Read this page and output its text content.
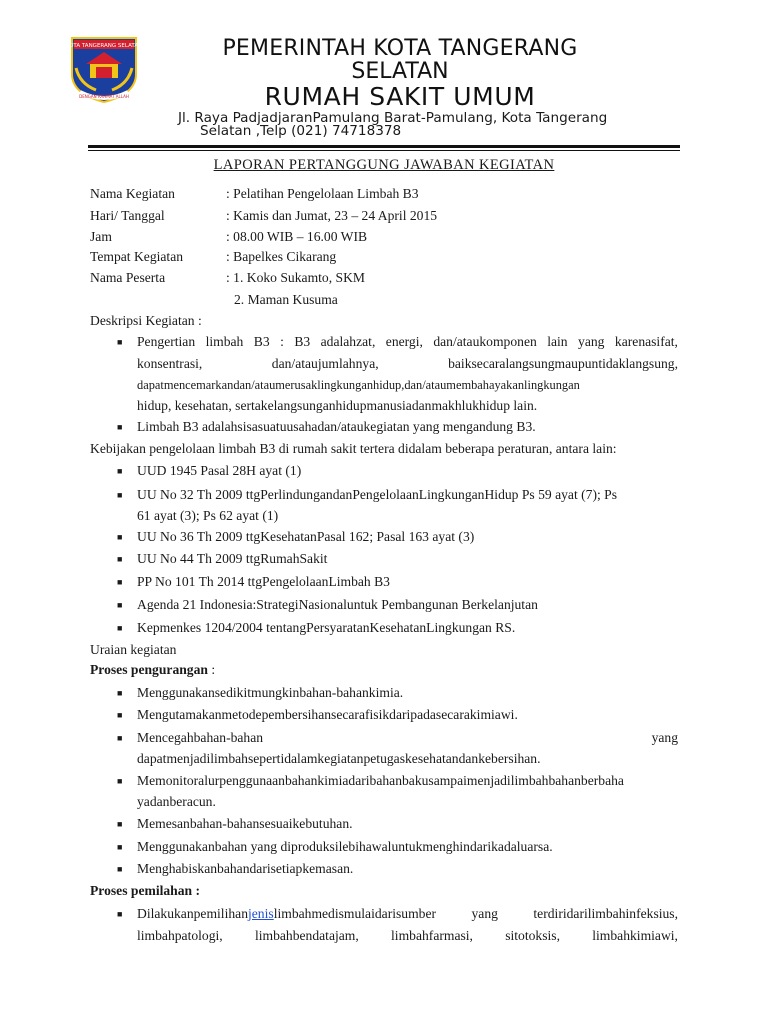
KOTA TANGERANG SELATAN
DENGAN RAHMAT ALLAH
PEMERINTAH KOTA TANGERANG
SELATAN
RUMAH SAKIT UMUM
Jl. Raya PadjadjaranPamulang Barat-Pamulang, Kota Tangerang
Selatan ,Telp (021) 74718378
LAPORAN PERTANGGUNG JAWABAN KEGIATAN
Nama Kegiatan	: Pelatihan Pengelolaan Limbah B3
Hari/ Tanggal	: Kamis dan Jumat, 23 – 24 April 2015
Jam	: 08.00 WIB – 16.00 WIB
Tempat Kegiatan	: Bapelkes Cikarang
Nama Peserta	: 1. Koko Sukamto, SKM
2. Maman Kusuma
Deskripsi Kegiatan :
■ Pengertian limbah B3 : B3 adalahzat, energi, dan/ataukomponen lain yang karenasifat,
konsentrasi,	dan/ataujumlahnya,	baiksecaralangsungmaupuntidaklangsung,
dapatmencemarkandan/ataumerusaklingkunganhidup,dan/ataumembahayakanlingkungan
hidup, kesehatan, sertakelangsunganhidupmanusiadanmakhlukhidup lain.
■ Limbah B3 adalahsisasuatuusahadan/ataukegiatan yang mengandung B3.
Kebijakan pengelolaan limbah B3 di rumah sakit tertera didalam beberapa peraturan, antara lain:
■ UUD 1945 Pasal 28H ayat (1)
■ UU No 32 Th 2009 ttgPerlindungandanPengelolaanLingkunganHidup Ps 59 ayat (7); Ps
61 ayat (3); Ps 62 ayat (1)
■ UU No 36 Th 2009 ttgKesehatanPasal 162; Pasal 163 ayat (3)
■ UU No 44 Th 2009 ttgRumahSakit
■ PP No 101 Th 2014 ttgPengelolaanLimbah B3
■ Agenda 21 Indonesia:StrategiNasionaluntuk Pembangunan Berkelanjutan
■ Kepmenkes 1204/2004 tentangPersyaratanKesehatanLingkungan RS.
Uraian kegiatan
Proses pengurangan :
■ Menggunakansedikitmungkinbahan-bahankimia.
■ Mengutamakanmetodepembersihansecarafisikdaripadasecarakimiawi.
■ Mencegahbahan-bahan	yang
dapatmenjadilimbahsepertidalamkegiatanpetugaskesehatandankebersihan.
■ Memonitoralurpenggunaanbahankimiadaribahanbakusampaimenjadilimbahbahanberbaha
yadanberacun.
■ Memesanbahan-bahansesuaikebutuhan.
■ Menggunakanbahan yang diproduksilebihawaluntukmenghindarikadaluarsa.
■ Menghabiskanbahandarisetiapkemasan.
Proses pemilahan :
■ Dilakukanpemilihanjenislimbahmedismulaidarisumber	yang	terdiridarilimbahinfeksius,
limbahpatologi, limbahbendatajam, limbahfarmasi, sitotoksis, limbahkimiawi,
